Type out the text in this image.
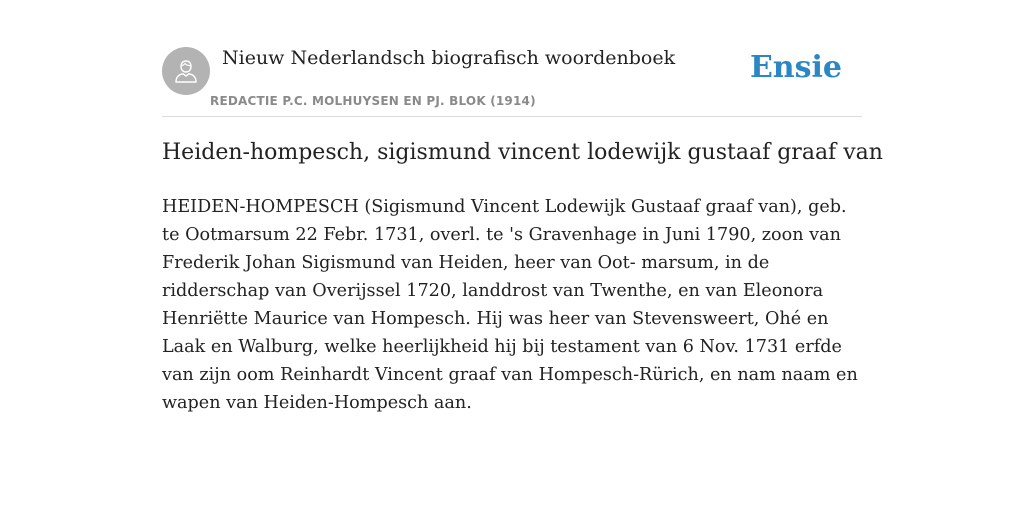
Nieuw Nederlandsch biografisch woordenboek
REDACTIE P.C. MOLHUYSEN EN PJ. BLOK (1914)
Ensie
Heiden-hompesch, sigismund vincent lodewijk gustaaf graaf van

HEIDEN-HOMPESCH (Sigismund Vincent Lodewijk Gustaaf graaf van), geb. te Ootmarsum 22 Febr. 1731, overl. te 's Gravenhage in Juni 1790, zoon van Frederik Johan Sigismund van Heiden, heer van Oot- marsum, in de ridderschap van Overijssel 1720, landdrost van Twenthe, en van Eleonora Henriëtte Maurice van Hompesch. Hij was heer van Stevensweert, Ohé en Laak en Walburg, welke heerlijkheid hij bij testament van 6 Nov. 1731 erfde van zijn oom Reinhardt Vincent graaf van Hompesch-Rürich, en nam naam en wapen van Heiden-Hompesch aan.
